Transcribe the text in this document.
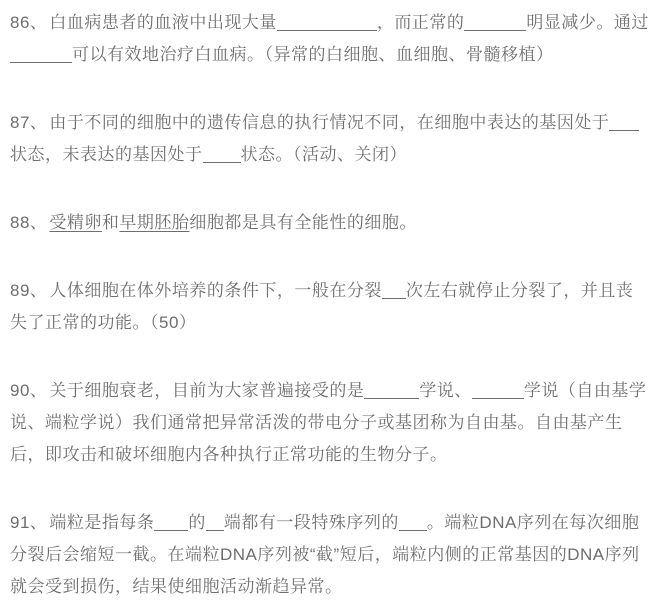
86、 白血病患者的血液中出现大量	，而正常的	明显减少。通过可以有效地治疗白血病。（异常的白细胞、血细胞、骨髓移植）

87、 由于不同的细胞中的遗传信息的执行情况不同，在细胞中表达的基因处于状态，未表达的基因处于 状态。（活动、关闭）

88、 受精卵和早期胚胎细胞都是具有全能性的细胞。

89、 人体细胞在体外培养的条件下，一般在分裂 次左右就停止分裂了，并且丧失了正常的功能。（50）

90、 关于细胞衰老，目前为大家普遍接受的是	学说、	学说（自由基学说、端粒学说）我们通常把异常活泼的带电分子或基团称为自由基。自由基产生后，即攻击和破坏细胞内各种执行正常功能的生物分子。

91、 端粒是指每条 的 端都有一段特殊序列的 。端粒DNA序列在每次细胞分裂后会缩短一截。在端粒DNA序列被“截”短后，端粒内侧的正常基因的DNA序列就会受到损伤，结果使细胞活动渐趋异常。
